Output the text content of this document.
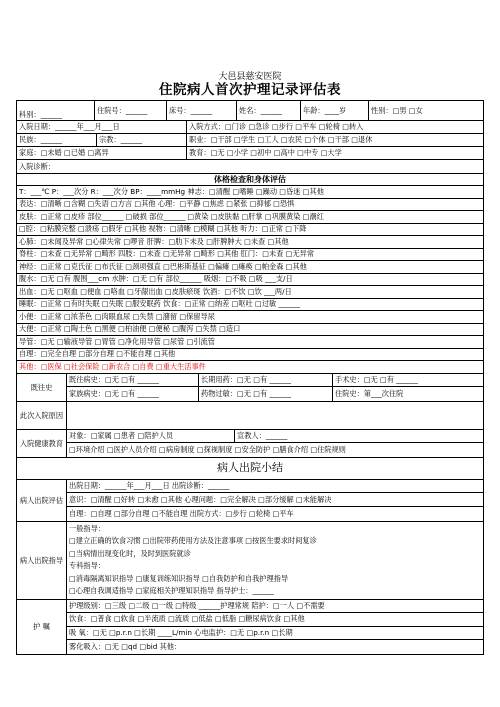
大邑县慈安医院
住院病人首次护理记录评估表
科别：______	住院号：______	床号：______	姓名：______	年龄：____岁	性别：□男 □女
入院日期：______年___月___日	入院方式：□门诊 □急诊 □步行 □平车 □轮椅 □转入
民族：______	宗教：______	职业：□干部 □学生 □工人 □农民 □个体 □干部 □退休
家庭：□未婚 □已婚 □离异	教育：□无 □小学 □初中 □高中 □中专 □大学
入院诊断：
体格检查和身体评估
T：___℃ P：___次分 R：___次分 BP：____mmHg 神志：□清醒 □嗜睡 □躁动 □昏迷 □其他
表达：□清晰 □含糊 □失语 □方言 □其他 心理：□平静 □焦虑 □紧张 □抑郁 □恐惧
皮肤：□正常 □皮疹 部位______ □破损 部位______ □黄染 □皮肤黏 □肝掌 □巩膜黄染 □潮红
□腔：□粘膜完整 □溃疡 □假牙 □其他 视物：□清晰 □模糊 □其他 听力：□正常 □下降
心肺：□未闻及异常 □心律失常 □啰音 肝脾：□肋下未及 □肝脾肿大 □未查 □其他
脊柱：□未查 □无异常 □畸形 四肢：□未查 □无异常 □畸形 □其他 肛门：□未查 □无异常
神经：□正常 □克氏征 □布氏征 □颈项强直 □巴彬斯基征 □偏瘫 □瘫痪 □帕金森 □其他
腹水：□无 □有 腹围___cm 水肿：□无 □有 部位______ 吸烟：□不吸 □吸 ___支/日
出血：□无 □呕血 □便血 □咯血 □牙龈出血 □皮肤瘀斑 饮酒：□不饮 □饮 ___两/日
睡眠：□正常 □有时失眠 □失眠 □服安眠药 饮食：□正常 □纳差 □呕吐 □过敏 ______
小便：□正常 □浓茶色 □肉眼血尿 □失禁 □潴留 □保留导尿
大便：□正常 □陶土色 □黑便 □柏油便 □便秘 □腹泻 □失禁 □造口
导管：□无 □输液导管 □胃管 □净化用导管 □尿管 □引流管
自理：□完全自理 □部分自理 □不能自理 □其他
其他：□医保 □社会保险 □新农合 □自费 □重大生活事件
既往史
既往病史：□无 □有 ______	长期用药：□无 □有 ______	手术史：□无 □有 ______
家族病史：□无 □有 ______	药物过敏：□无 □有 ______	住院史：第___次住院
此次入院原因
入院健康教育
对象：□家属 □患者 □陪护人员	宣教人：______
□环境介绍 □医护人员介绍 □病房制度 □探视制度 □安全防护 □膳食介绍 □住院规则
病人出院小结
病人出院评估
出院日期：______年___月___日 出院诊断：______
意识：□清醒 □好转 □未愈 □其他 心理问题：□完全解决 □部分缓解 □未能解决
自理：□自理 □部分自理 □不能自理 出院方式：□步行 □轮椅 □平车
病人出院指导
一般指导：
□建立正确的饮食习惯 □出院带药使用方法及注意事项 □按医生要求时间复诊
□当病情出现变化时，及时到医院就诊
专科指导：
□消毒隔离知识指导 □康复训练知识指导 □自我防护和自我护理指导
□心理自我调适指导 □家庭相关护理知识指导 指导护士：______
护 嘱
护理级别：□三级 □二级 □一级 □特级 ______护理常规 陪护：□一人 □不需要
饮食：□普食 □软食 □半流质 □流质 □低盐 □低脂 □糖尿病饮食 □其他
吸 氧：□无 □p.r.n □长期 ____L/min 心电监护：□无 □p.r.n □长期
雾化吸入：□无 □qd □bid 其他：
